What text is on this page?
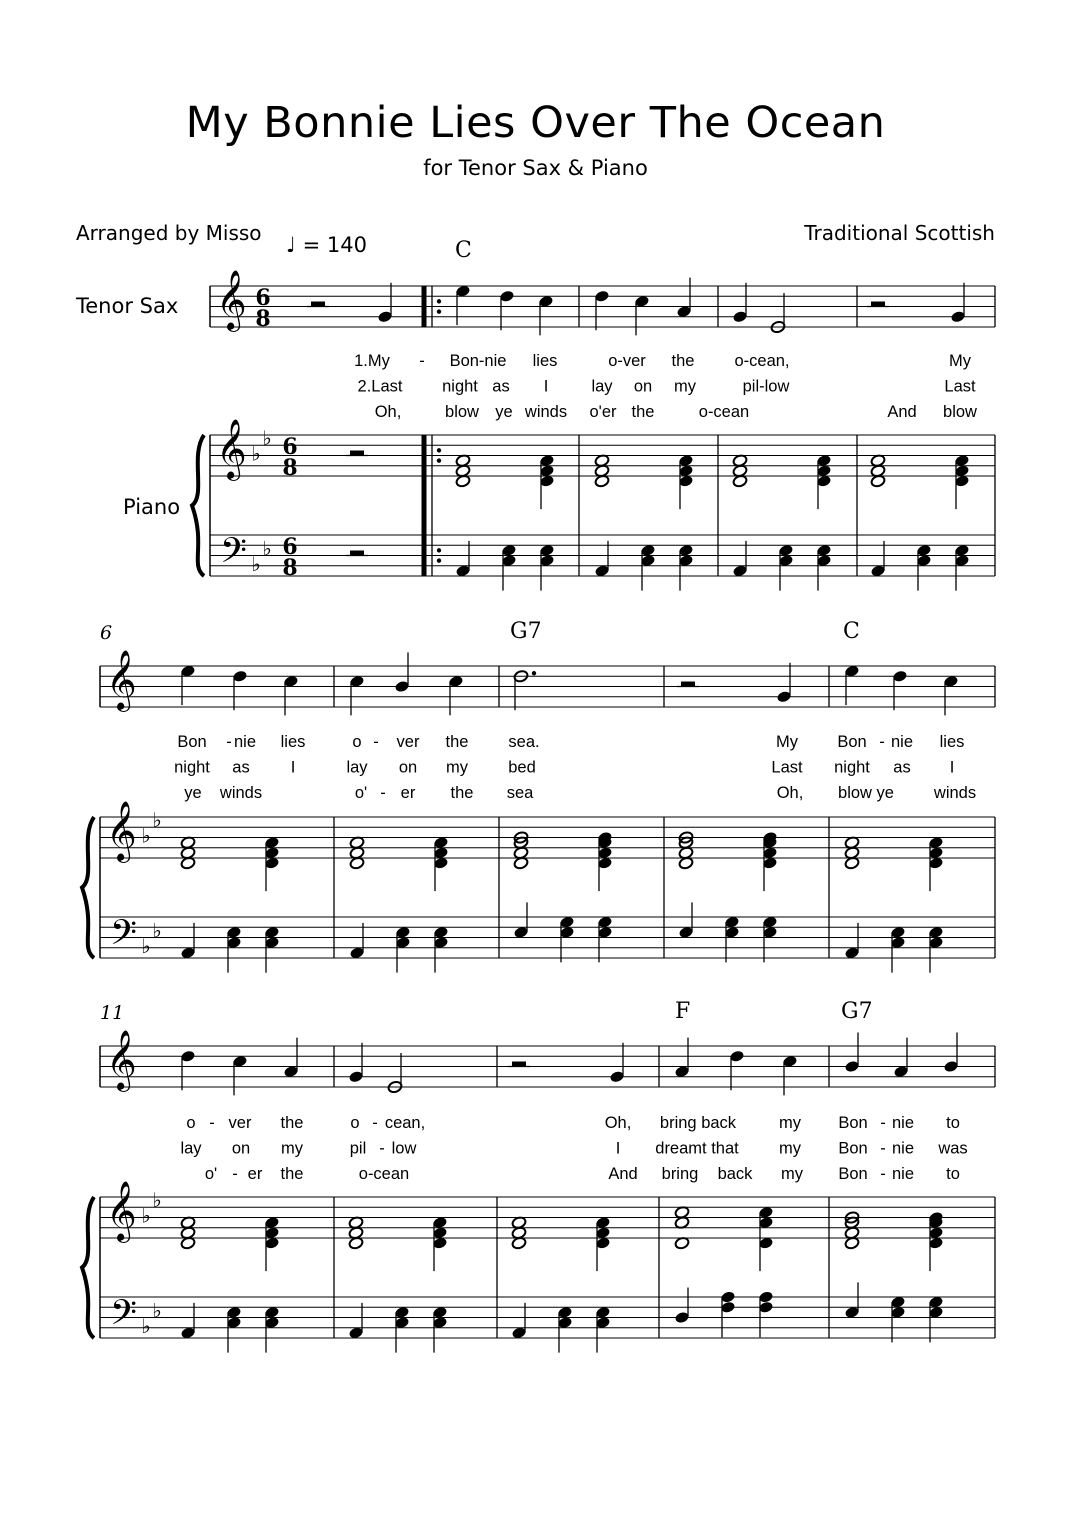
My Bonnie Lies Over The Ocean
for Tenor Sax & Piano
Arranged by Misso	Traditional Scottish
♩ = 140
Tenor Sax
Piano
C
G7	C
F	G7
6
11
𝄞 6
8
𝄞 ♭
♭ 6
8
𝄢 ♭
♭ 6
8
𝄞
𝄞 ♭
♭
𝄢 ♭
♭
𝄞
𝄞 ♭
♭
𝄢 ♭
♭
1.My - Bon-nie lies	o-ver the o-cean,	My
2.Last night as I	lay on my	pil-low	Last
Oh,	blow ye winds o'er the	o-cean	And blow
Bon - nie lies	o - ver the sea.	My Bon - nie lies
night as I	lay on my bed	Last night as I
ye winds	o' - er the sea	Oh, blow ye winds
o - ver the	o - cean,	Oh, bring back	my Bon - nie to
lay on my	pil - low	I dreamt that my Bon - nie was
o' - er the	o-cean	And bring back my Bon - nie to
